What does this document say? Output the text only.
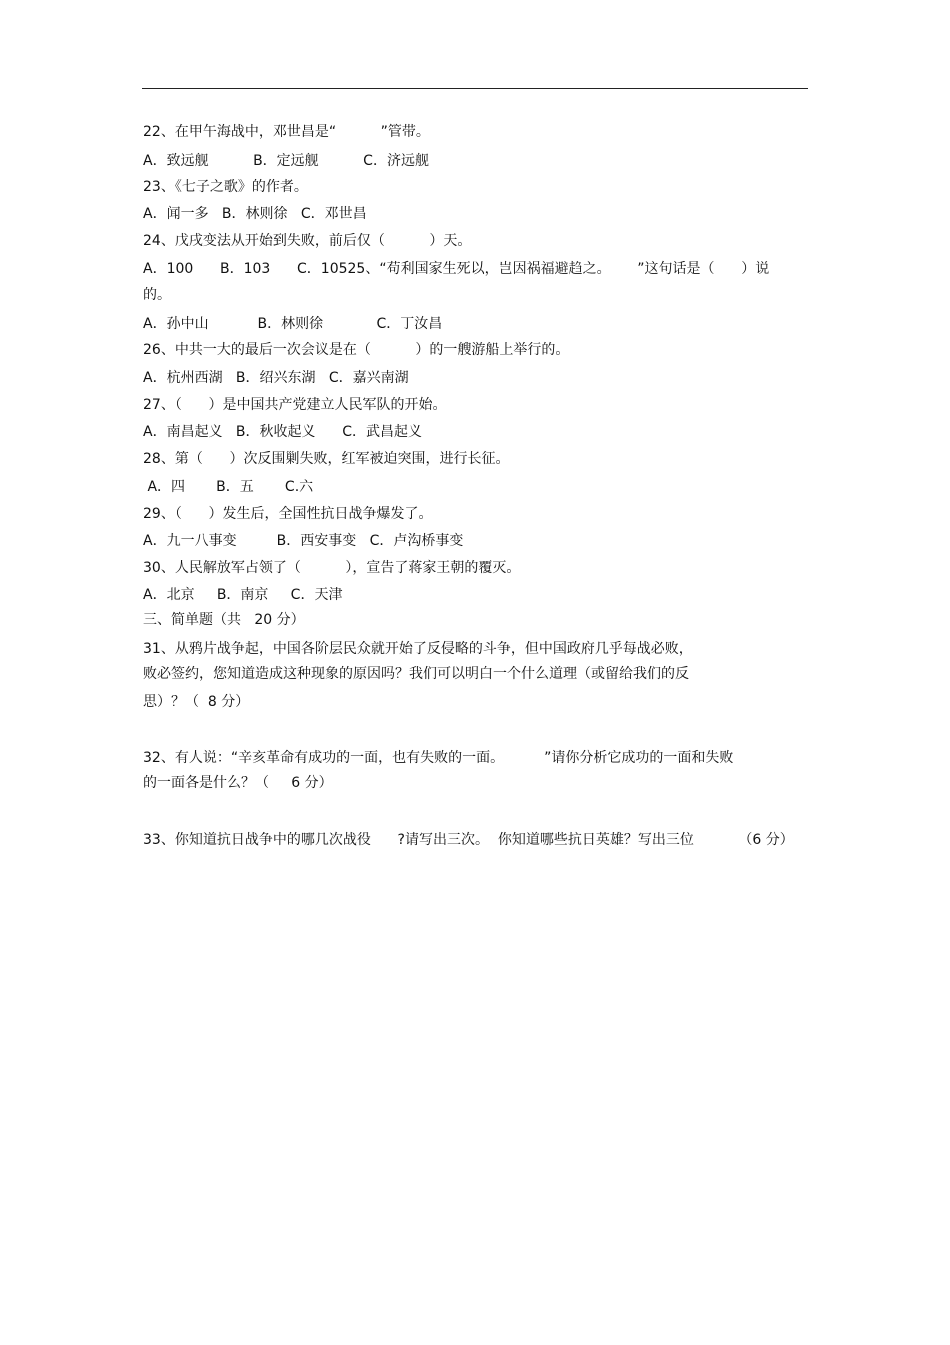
22、在甲午海战中，邓世昌是“          ”管带。
A．致远舰          B．定远舰          C．济远舰
23、《七子之歌》的作者。
A．闻一多   B．林则徐   C．邓世昌
24、戊戌变法从开始到失败，前后仅（          ）天。
A．100      B．103      C．10525、“苟利国家生死以，岂因祸福避趋之。      ”这句话是（      ）说
的。
A．孙中山           B．林则徐            C．丁汝昌
26、中共一大的最后一次会议是在（          ）的一艘游船上举行的。
A．杭州西湖   B．绍兴东湖   C．嘉兴南湖
27、（      ）是中国共产党建立人民军队的开始。
A．南昌起义   B．秋收起义      C．武昌起义
28、第（      ）次反围剿失败，红军被迫突围，进行长征。
A．四       B．五       C.六
29、（      ）发生后，全国性抗日战争爆发了。
A．九一八事变         B．西安事变   C．卢沟桥事变
30、人民解放军占领了（          ），宣告了蒋家王朝的覆灭。
A．北京     B．南京     C．天津
三、简单题（共   20 分）
31、从鸦片战争起，中国各阶层民众就开始了反侵略的斗争，但中国政府几乎每战必败，
败必签约，您知道造成这种现象的原因吗？我们可以明白一个什么道理（或留给我们的反
思）？（  8 分）
32、有人说：“辛亥革命有成功的一面，也有失败的一面。         ”请你分析它成功的一面和失败
的一面各是什么？（     6 分）
33、你知道抗日战争中的哪几次战役      ?请写出三次。  你知道哪些抗日英雄？写出三位          （6 分）
